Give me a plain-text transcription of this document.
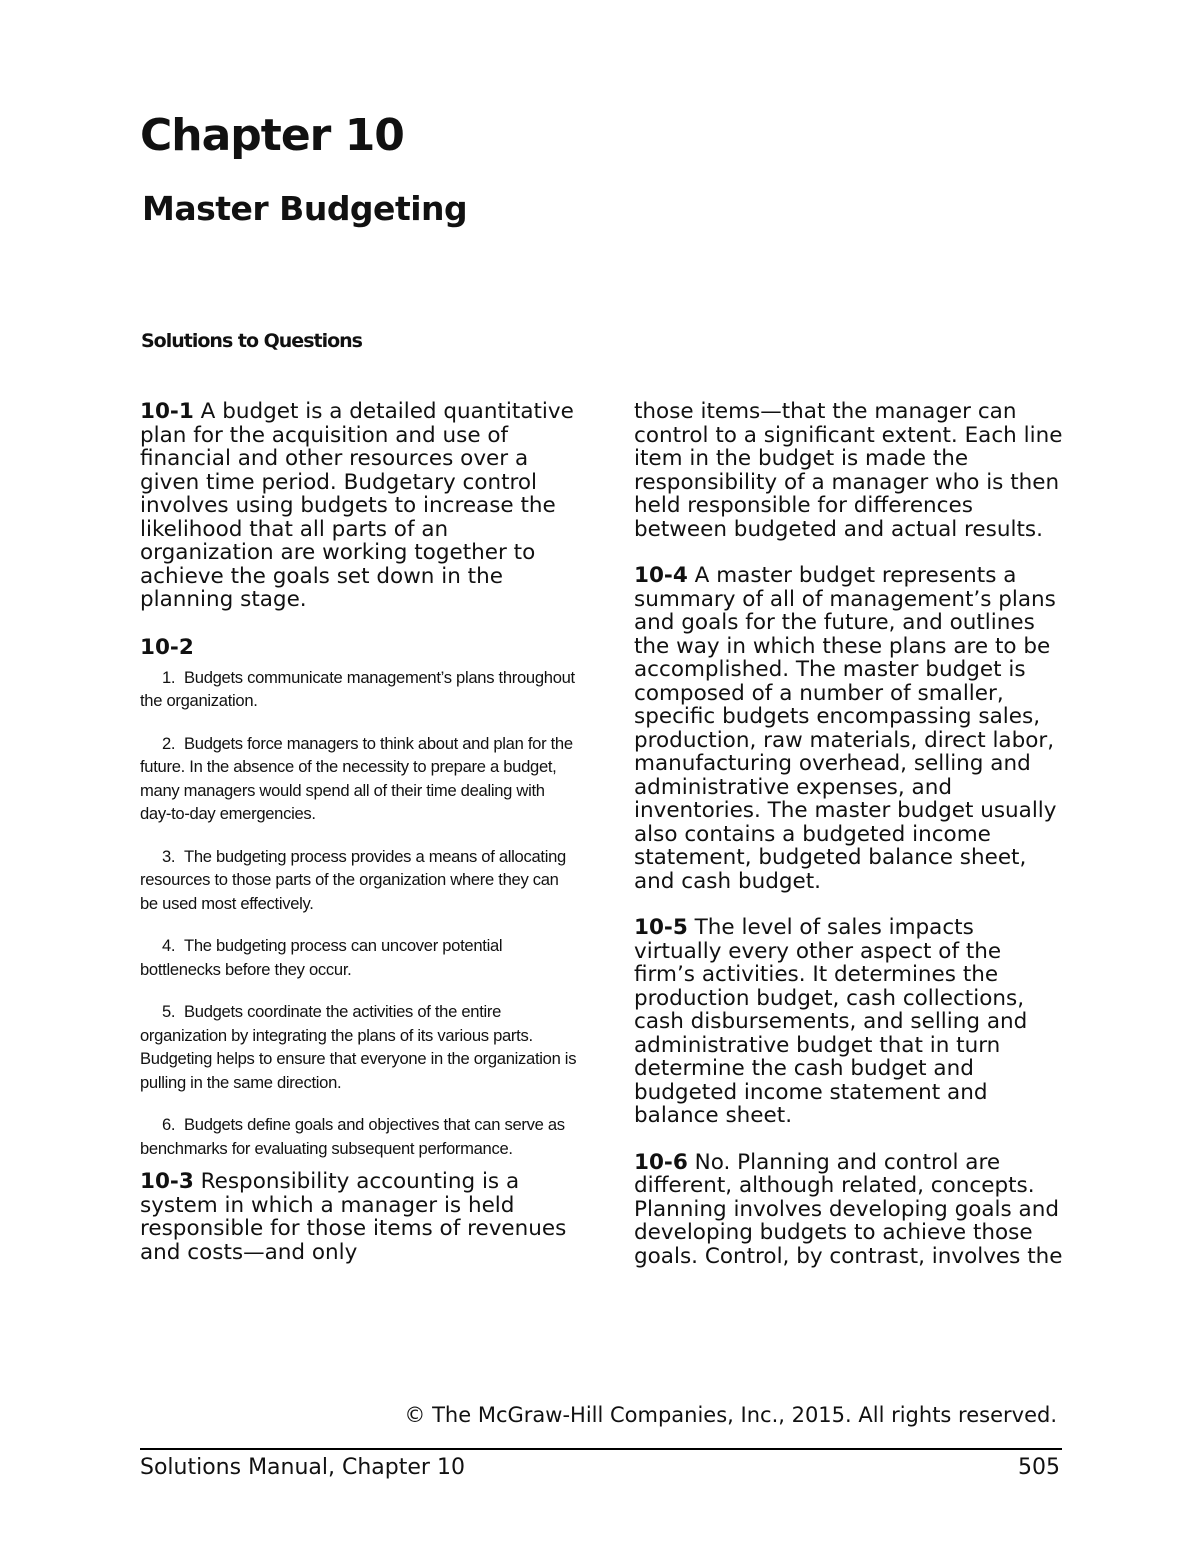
Chapter 10
Master Budgeting
Solutions to Questions

10-1 A budget is a detailed quantitative plan for the acquisition and use of financial and other resources over a given time period. Budgetary control involves using budgets to increase the likelihood that all parts of an organization are working together to achieve the goals set down in the planning stage.

10-2

1. Budgets communicate management’s plans throughout the organization.
2. Budgets force managers to think about and plan for the future. In the absence of the necessity to prepare a budget, many managers would spend all of their time dealing with day-to-day emergencies.
3. The budgeting process provides a means of allocating resources to those parts of the organization where they can be used most effectively.
4. The budgeting process can uncover potential bottlenecks before they occur.
5. Budgets coordinate the activities of the entire organization by integrating the plans of its various parts. Budgeting helps to ensure that everyone in the organization is pulling in the same direction.
6. Budgets define goals and objectives that can serve as benchmarks for evaluating subsequent performance.

10-3 Responsibility accounting is a system in which a manager is held responsible for those items of revenues and costs—and only

those items—that the manager can control to a significant extent. Each line item in the budget is made the responsibility of a manager who is then held responsible for differences between budgeted and actual results.

10-4 A master budget represents a summary of all of management’s plans and goals for the future, and outlines the way in which these plans are to be accomplished. The master budget is composed of a number of smaller, specific budgets encompassing sales, production, raw materials, direct labor, manufacturing overhead, selling and administrative expenses, and inventories. The master budget usually also contains a budgeted income statement, budgeted balance sheet, and cash budget.

10-5 The level of sales impacts virtually every other aspect of the firm’s activities. It determines the production budget, cash collections, cash disbursements, and selling and administrative budget that in turn determine the cash budget and budgeted income statement and balance sheet.

10-6 No. Planning and control are different, although related, concepts. Planning involves developing goals and developing budgets to achieve those goals. Control, by contrast, involves the

© The McGraw-Hill Companies, Inc., 2015. All rights reserved.

Solutions Manual, Chapter 10	505
